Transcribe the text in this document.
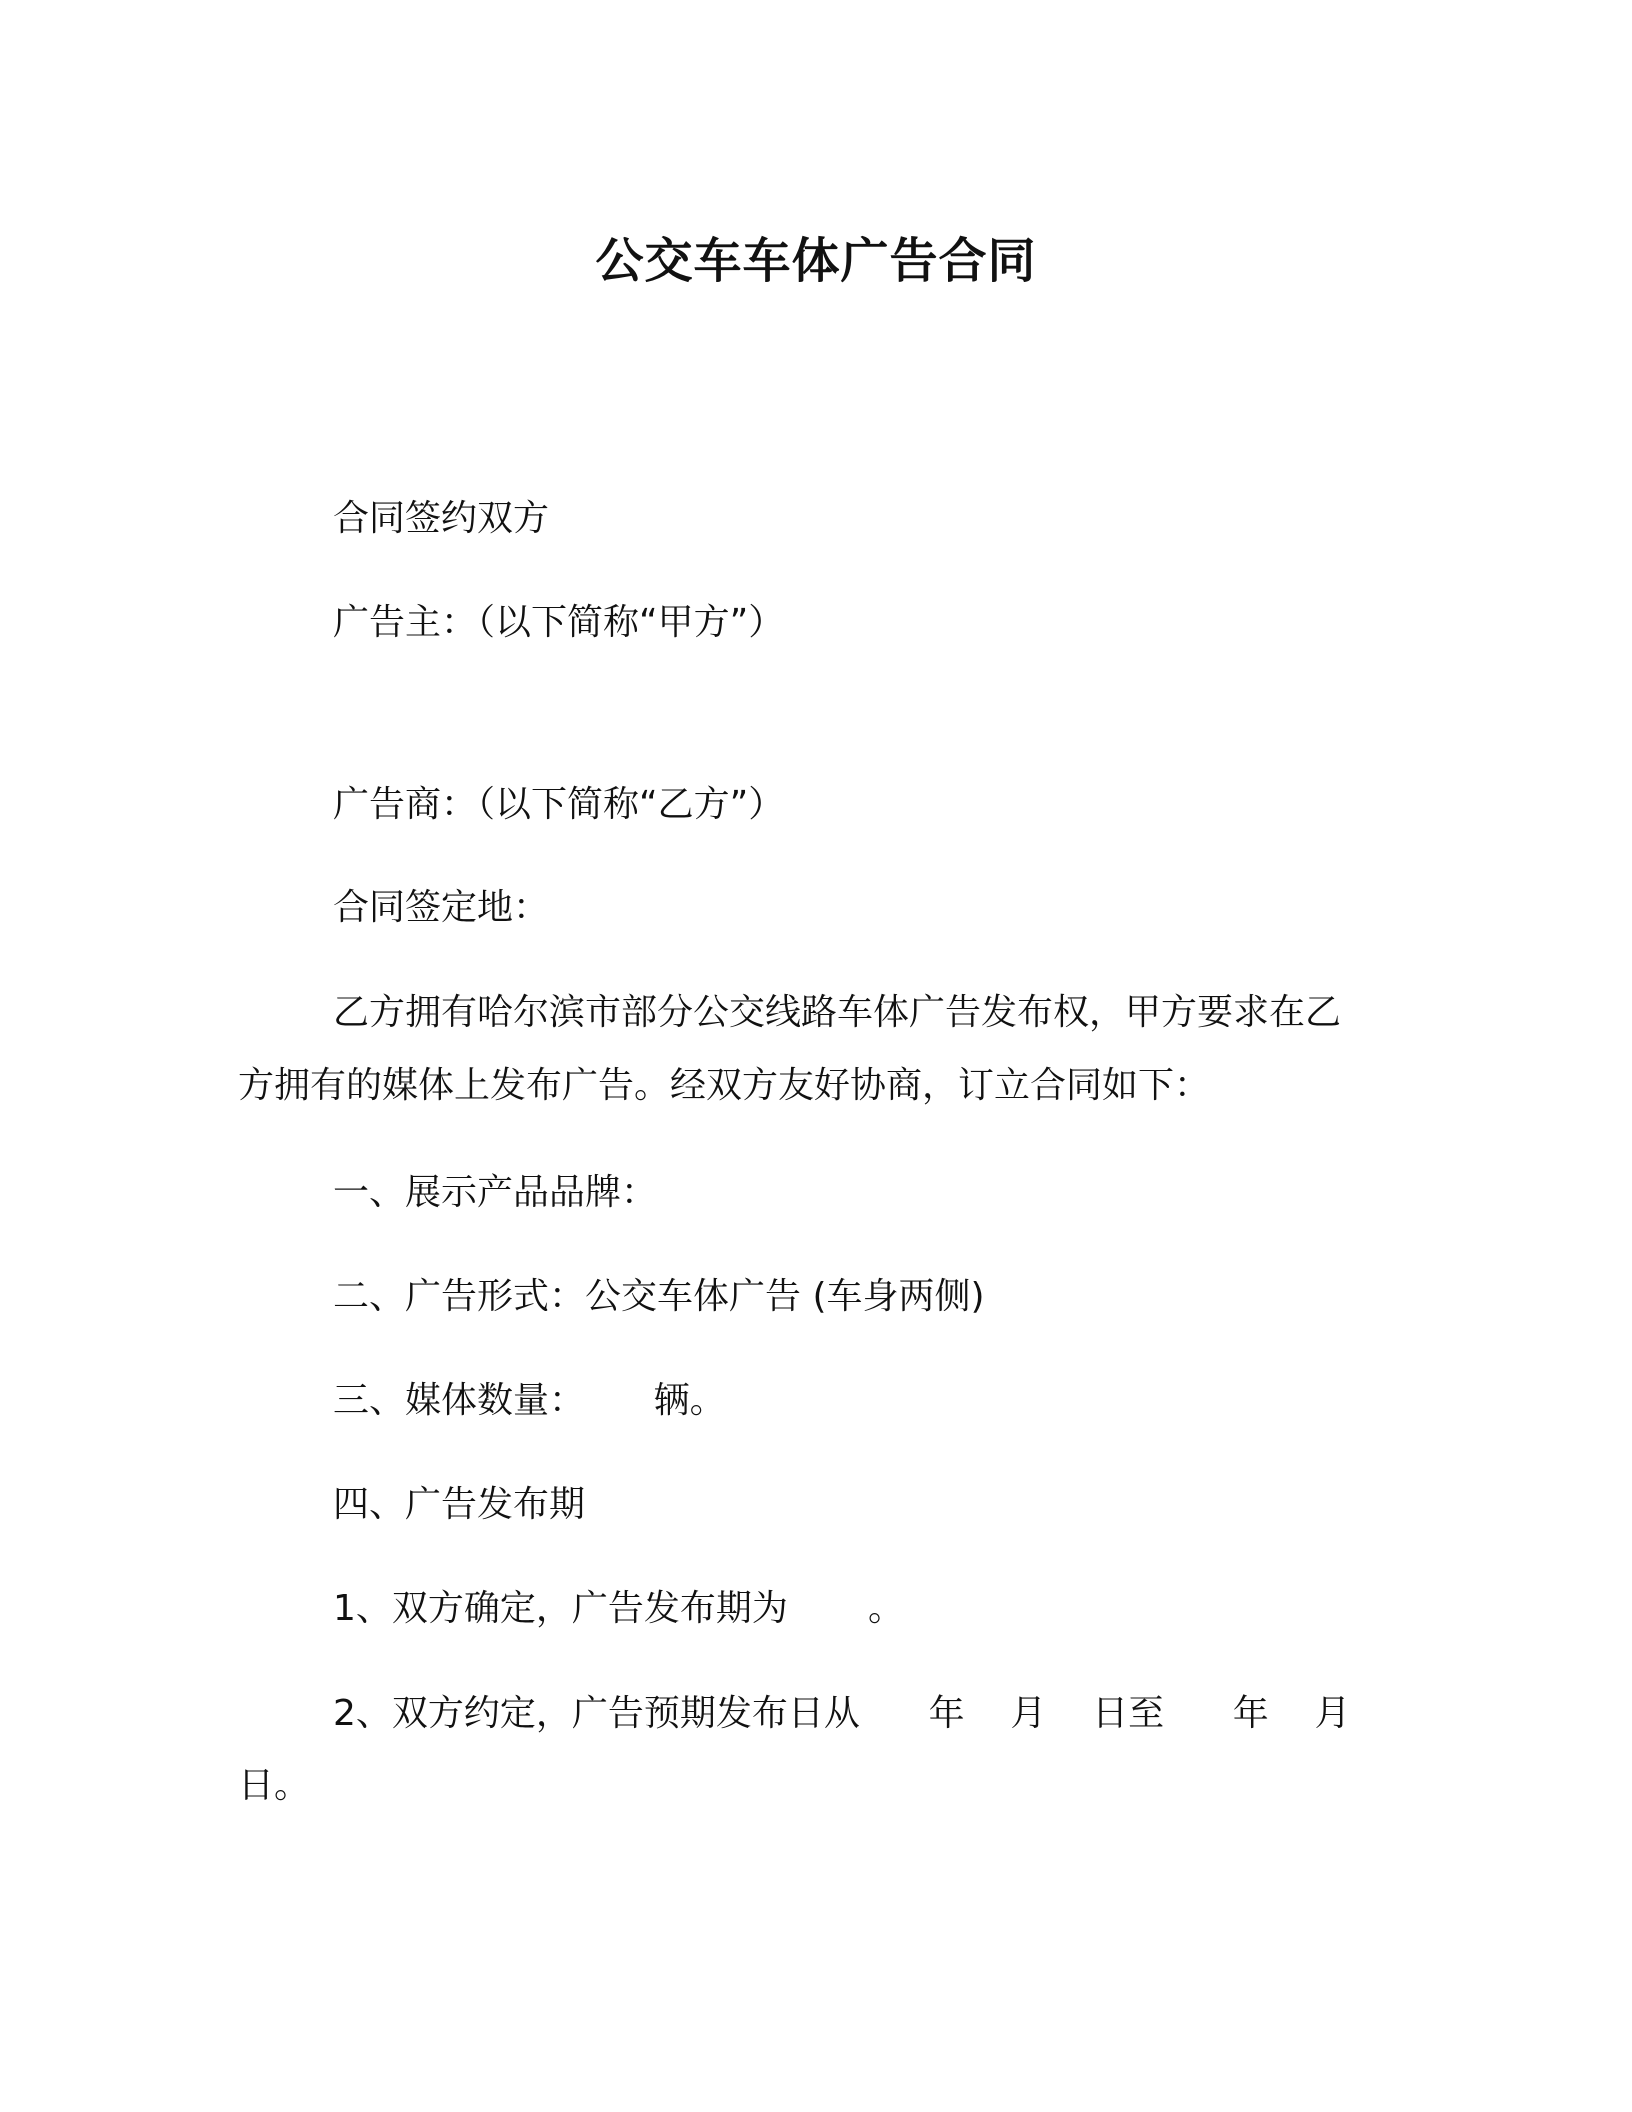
公交车车体广告合同
合同签约双方
广告主：（以下简称“甲方”）
广告商：（以下简称“乙方”）
合同签定地：
乙方拥有哈尔滨市部分公交线路车体广告发布权，甲方要求在乙
方拥有的媒体上发布广告。经双方友好协商，订立合同如下：
一、展示产品品牌：
二、广告形式：公交车体广告 (车身两侧)
三、媒体数量：      辆。
四、广告发布期
1、双方确定，广告发布期为       。
2、双方约定，广告预期发布日从      年    月    日至      年    月
日。
